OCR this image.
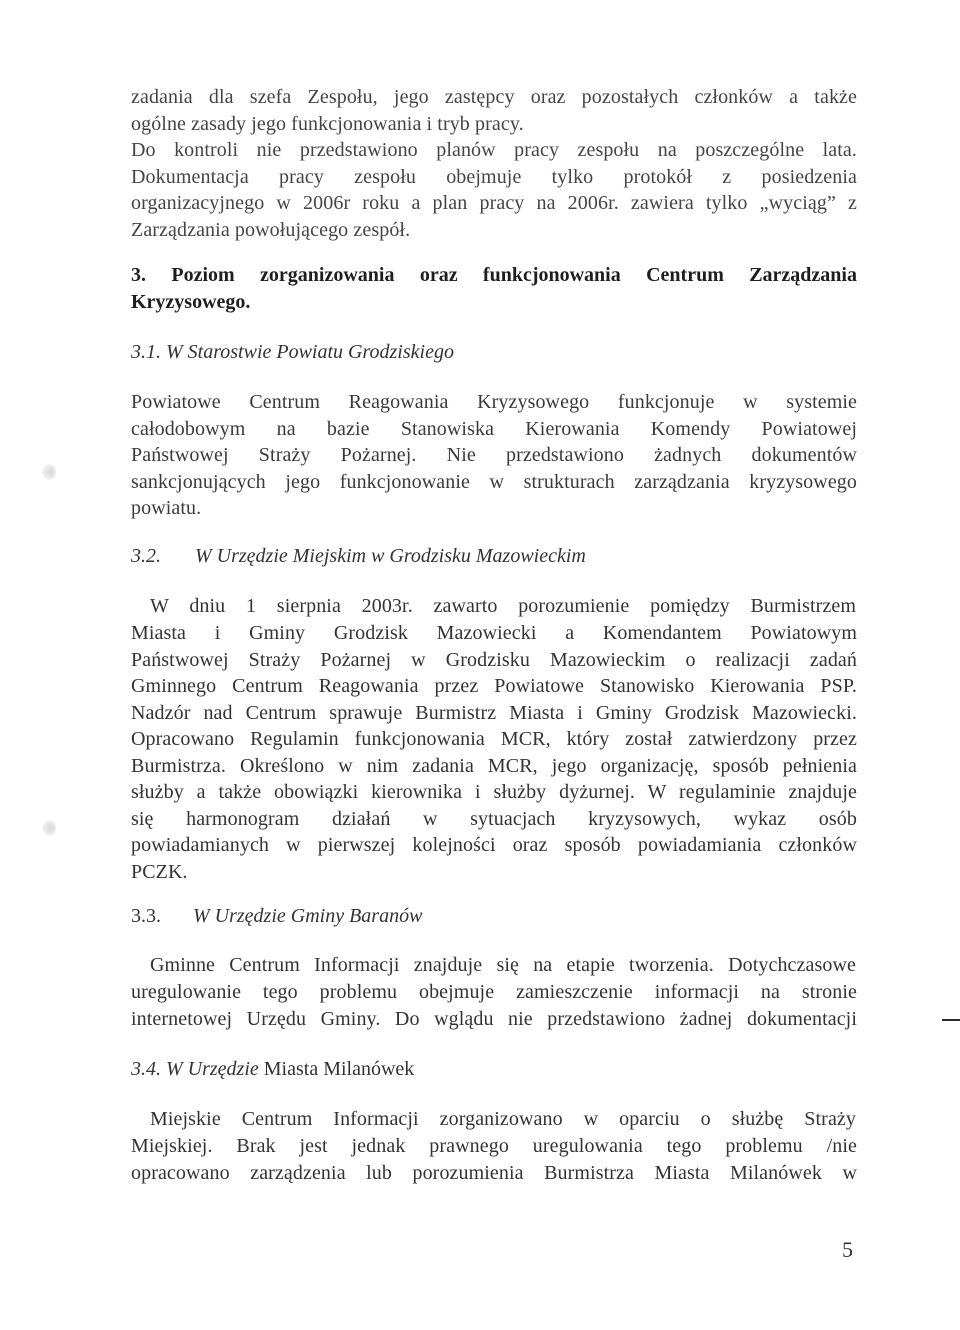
zadania dla szefa Zespołu, jego zastępcy oraz pozostałych członków a także
ogólne zasady jego funkcjonowania i tryb pracy.
Do kontroli nie przedstawiono planów pracy zespołu na poszczególne lata.
Dokumentacja pracy zespołu obejmuje tylko protokół z posiedzenia
organizacyjnego w 2006r roku a plan pracy na 2006r. zawiera tylko „wyciąg” z
Zarządzania powołującego zespół.
3. Poziom zorganizowania oraz funkcjonowania Centrum Zarządzania
Kryzysowego.
3.1. W Starostwie Powiatu Grodziskiego
Powiatowe Centrum Reagowania Kryzysowego funkcjonuje w systemie
całodobowym na bazie Stanowiska Kierowania Komendy Powiatowej
Państwowej Straży Pożarnej. Nie przedstawiono żadnych dokumentów
sankcjonujących jego funkcjonowanie w strukturach zarządzania kryzysowego
powiatu.
3.2. W Urzędzie Miejskim w Grodzisku Mazowieckim
W dniu 1 sierpnia 2003r. zawarto porozumienie pomiędzy Burmistrzem
Miasta i Gminy Grodzisk Mazowiecki a Komendantem Powiatowym
Państwowej Straży Pożarnej w Grodzisku Mazowieckim o realizacji zadań
Gminnego Centrum Reagowania przez Powiatowe Stanowisko Kierowania PSP.
Nadzór nad Centrum sprawuje Burmistrz Miasta i Gminy Grodzisk Mazowiecki.
Opracowano Regulamin funkcjonowania MCR, który został zatwierdzony przez
Burmistrza. Określono w nim zadania MCR, jego organizację, sposób pełnienia
służby a także obowiązki kierownika i służby dyżurnej. W regulaminie znajduje
się harmonogram działań w sytuacjach kryzysowych, wykaz osób
powiadamianych w pierwszej kolejności oraz sposób powiadamiania członków
PCZK.
3.3. W Urzędzie Gminy Baranów
Gminne Centrum Informacji znajduje się na etapie tworzenia. Dotychczasowe
uregulowanie tego problemu obejmuje zamieszczenie informacji na stronie
internetowej Urzędu Gminy. Do wglądu nie przedstawiono żadnej dokumentacji
3.4. W Urzędzie Miasta Milanówek
Miejskie Centrum Informacji zorganizowano w oparciu o służbę Straży
Miejskiej. Brak jest jednak prawnego uregulowania tego problemu /nie
opracowano zarządzenia lub porozumienia Burmistrza Miasta Milanówek w
5
